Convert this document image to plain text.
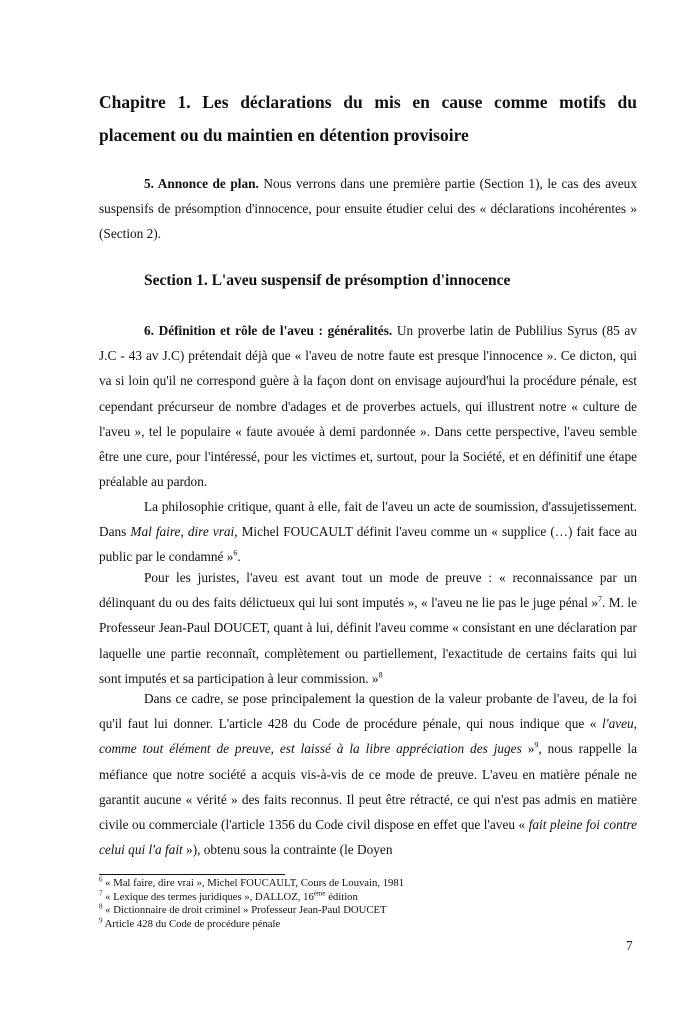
Chapitre 1. Les déclarations du mis en cause comme motifs du
placement ou du maintien en détention provisoire

5. Annonce de plan. Nous verrons dans une première partie (Section 1), le cas des aveux suspensifs de présomption d'innocence, pour ensuite étudier celui des « déclarations incohérentes » (Section 2).

Section 1. L'aveu suspensif de présomption d'innocence

6. Définition et rôle de l'aveu : généralités. Un proverbe latin de Publilius Syrus (85 av J.C - 43 av J.C) prétendait déjà que « l'aveu de notre faute est presque l'innocence ». Ce dicton, qui va si loin qu'il ne correspond guère à la façon dont on envisage aujourd'hui la procédure pénale, est cependant précurseur de nombre d'adages et de proverbes actuels, qui illustrent notre « culture de l'aveu », tel le populaire « faute avouée à demi pardonnée ». Dans cette perspective, l'aveu semble être une cure, pour l'intéressé, pour les victimes et, surtout, pour la Société, et en définitif une étape préalable au pardon.

La philosophie critique, quant à elle, fait de l'aveu un acte de soumission, d'assujetissement. Dans Mal faire, dire vrai, Michel FOUCAULT définit l'aveu comme un « supplice (…) fait face au public par le condamné »$^6$.

Pour les juristes, l'aveu est avant tout un mode de preuve : « reconnaissance par un délinquant du ou des faits délictueux qui lui sont imputés », « l'aveu ne lie pas le juge pénal »$^7$. M. le Professeur Jean-Paul DOUCET, quant à lui, définit l'aveu comme « consistant en une déclaration par laquelle une partie reconnaît, complètement ou partiellement, l'exactitude de certains faits qui lui sont imputés et sa participation à leur commission. »$^8$

Dans ce cadre, se pose principalement la question de la valeur probante de l'aveu, de la foi qu'il faut lui donner. L'article 428 du Code de procédure pénale, qui nous indique que « l'aveu, comme tout élément de preuve, est laissé à la libre appréciation des juges »$^9$, nous rappelle la méfiance que notre société a acquis vis-à-vis de ce mode de preuve. L'aveu en matière pénale ne garantit aucune « vérité » des faits reconnus. Il peut être rétracté, ce qui n'est pas admis en matière civile ou commerciale (l'article 1356 du Code civil dispose en effet que l'aveu « fait pleine foi contre celui qui l'a fait »), obtenu sous la contrainte (le Doyen

$^6$ « Mal faire, dire vrai », Michel FOUCAULT, Cours de Louvain, 1981
$^7$ « Lexique des termes juridiques », DALLOZ, 16ème édition
$^8$ « Dictionnaire de droit criminel » Professeur Jean-Paul DOUCET
$^9$ Article 428 du Code de procédure pénale
7
